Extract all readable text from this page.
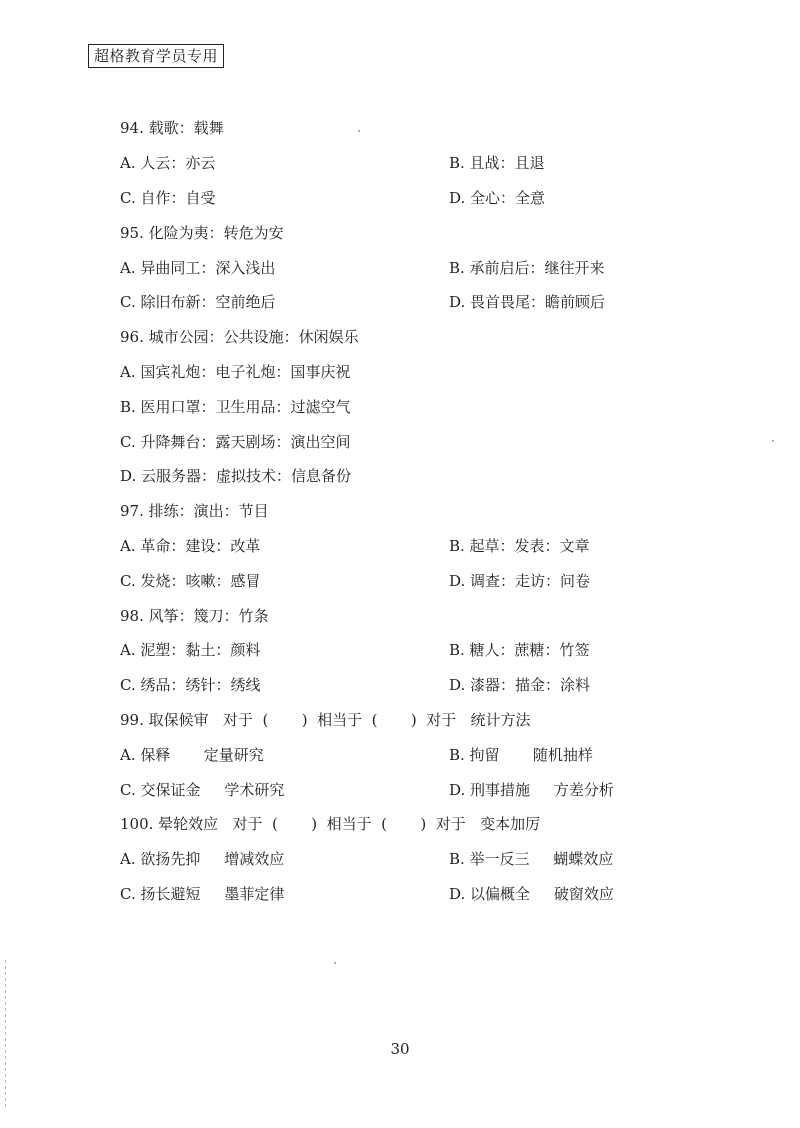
超格教育学员专用
94. 载歌：载舞
A. 人云：亦云	B. 且战：且退
C. 自作：自受	D. 全心：全意
95. 化险为夷：转危为安
A. 异曲同工：深入浅出	B. 承前启后：继往开来
C. 除旧布新：空前绝后	D. 畏首畏尾：瞻前顾后
96. 城市公园：公共设施：休闲娱乐
A. 国宾礼炮：电子礼炮：国事庆祝
B. 医用口罩：卫生用品：过滤空气
C. 升降舞台：露天剧场：演出空间
D. 云服务器：虚拟技术：信息备份
97. 排练：演出：节目
A. 革命：建设：改革	B. 起草：发表：文章
C. 发烧：咳嗽：感冒	D. 调查：走访：问卷
98. 风筝：篾刀：竹条
A. 泥塑：黏土：颜料	B. 糖人：蔗糖：竹签
C. 绣品：绣针：绣线	D. 漆器：描金：涂料
99. 取保候审   对于  (       )  相当于  (       )  对于   统计方法
A. 保释       定量研究	B. 拘留       随机抽样
C. 交保证金     学术研究	D. 刑事措施     方差分析
100. 晕轮效应   对于  (       )  相当于  (       )  对于   变本加厉
A. 欲扬先抑     增减效应	B. 举一反三     蝴蝶效应
C. 扬长避短     墨菲定律	D. 以偏概全     破窗效应
30
